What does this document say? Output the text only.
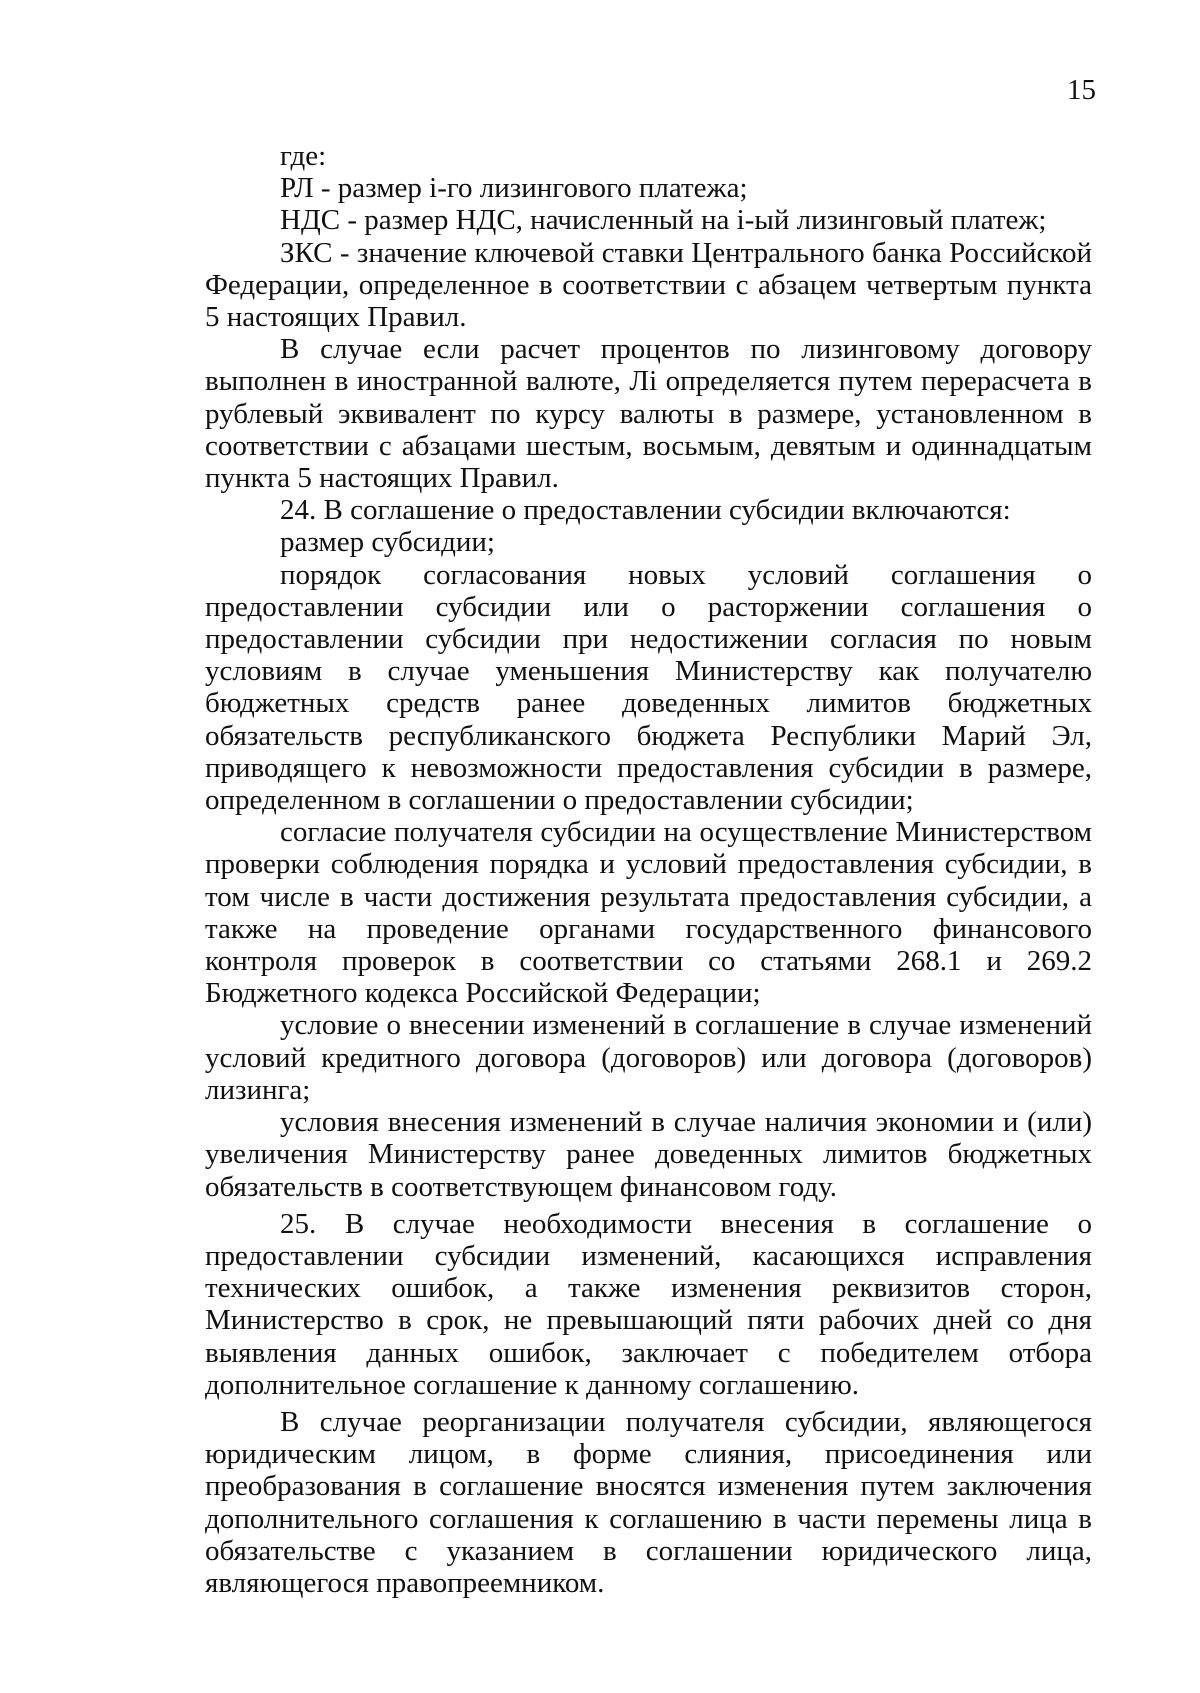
15

где:

РЛ - размер i-го лизингового платежа;

НДС - размер НДС, начисленный на i-ый лизинговый платеж;

ЗКС - значение ключевой ставки Центрального банка Российской Федерации, определенное в соответствии с абзацем четвертым пункта 5 настоящих Правил.

В случае если расчет процентов по лизинговому договору выполнен в иностранной валюте, Лi определяется путем перерасчета в рублевый эквивалент по курсу валюты в размере, установленном в соответствии с абзацами шестым, восьмым, девятым и одиннадцатым пункта 5 настоящих Правил.

24. В соглашение о предоставлении субсидии включаются:

размер субсидии;

порядок согласования новых условий соглашения о предоставлении субсидии или о расторжении соглашения о предоставлении субсидии при недостижении согласия по новым условиям в случае уменьшения Министерству как получателю бюджетных средств ранее доведенных лимитов бюджетных обязательств республиканского бюджета Республики Марий Эл, приводящего к невозможности предоставления субсидии в размере, определенном в соглашении о предоставлении субсидии;

согласие получателя субсидии на осуществление Министерством проверки соблюдения порядка и условий предоставления субсидии, в том числе в части достижения результата предоставления субсидии, а также на проведение органами государственного финансового контроля проверок в соответствии со статьями 268.1 и 269.2 Бюджетного кодекса Российской Федерации;

условие о внесении изменений в соглашение в случае изменений условий кредитного договора (договоров) или договора (договоров) лизинга;

условия внесения изменений в случае наличия экономии и (или) увеличения Министерству ранее доведенных лимитов бюджетных обязательств в соответствующем финансовом году.

25. В случае необходимости внесения в соглашение о предоставлении субсидии изменений, касающихся исправления технических ошибок, а также изменения реквизитов сторон, Министерство в срок, не превышающий пяти рабочих дней со дня выявления данных ошибок, заключает с победителем отбора дополнительное соглашение к данному соглашению.

В случае реорганизации получателя субсидии, являющегося юридическим лицом, в форме слияния, присоединения или преобразования в соглашение вносятся изменения путем заключения дополнительного соглашения к соглашению в части перемены лица в обязательстве с указанием в соглашении юридического лица, являющегося правопреемником.
